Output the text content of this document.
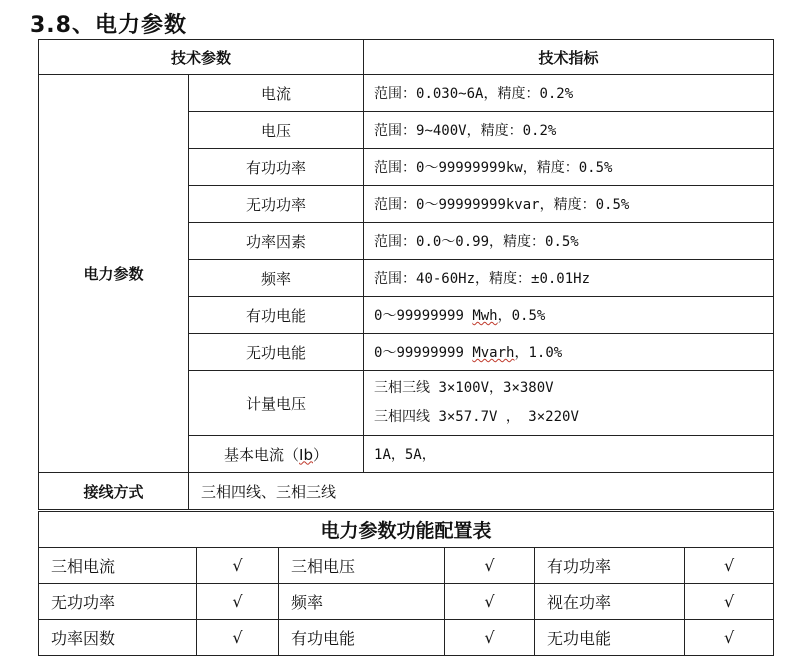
3.8、电力参数
技术参数		技术指标
电力参数	电流	范围：0.030~6A，精度：0.2%
	电压	范围：9~400V，精度：0.2%
	有功功率	范围：0～99999999kw，精度：0.5%
	无功功率	范围：0～99999999kvar，精度：0.5%
	功率因素	范围：0.0～0.99，精度：0.5%
	频率	范围：40-60Hz，精度：±0.01Hz
	有功电能	0～99999999 Mwh，0.5%
	无功电能	0～99999999 Mvarh，1.0%
	计量电压	三相三线 3×100V，3×380V
三相四线 3×57.7V ， 3×220V

	基本电流（Ib）	1A，5A，
接线方式	三相四线、三相三线	
电力参数功能配置表					
三相电流	√	三相电压	√	有功功率	√
无功功率	√	频率	√	视在功率	√
功率因数	√	有功电能	√	无功电能	√
